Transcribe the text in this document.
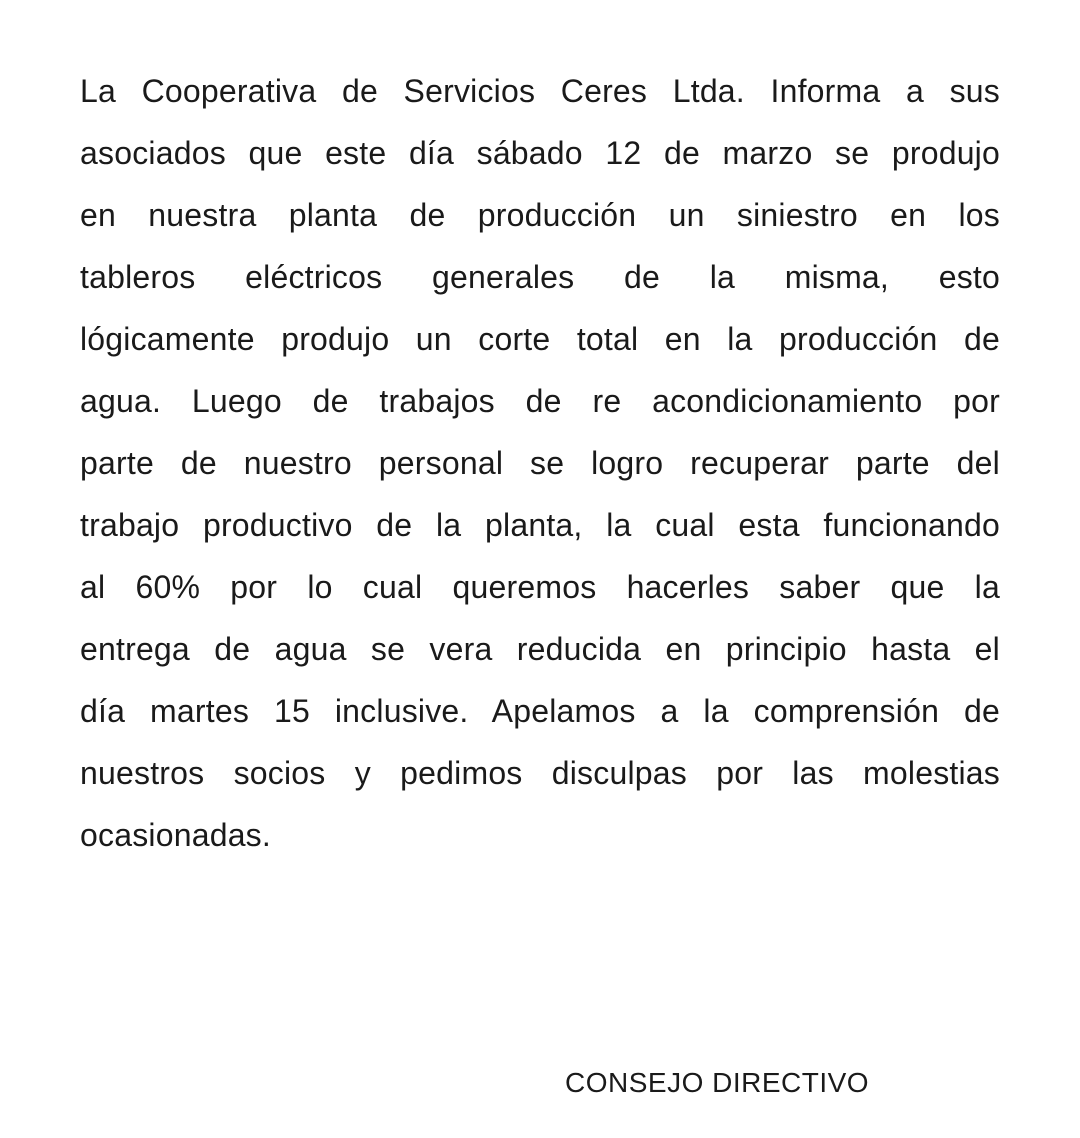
La Cooperativa de Servicios Ceres Ltda. Informa a sus
asociados que este día sábado 12 de marzo se produjo
en nuestra planta de producción un siniestro en los
tableros eléctricos generales de la misma, esto
lógicamente produjo un corte total en la producción de
agua. Luego de trabajos de re acondicionamiento por
parte de nuestro personal se logro recuperar parte del
trabajo productivo de la planta, la cual esta funcionando
al 60% por lo cual queremos hacerles saber que la
entrega de agua se vera reducida en principio hasta el
día martes 15 inclusive. Apelamos a la comprensión de
nuestros socios y pedimos disculpas por las molestias
ocasionadas.
CONSEJO DIRECTIVO
